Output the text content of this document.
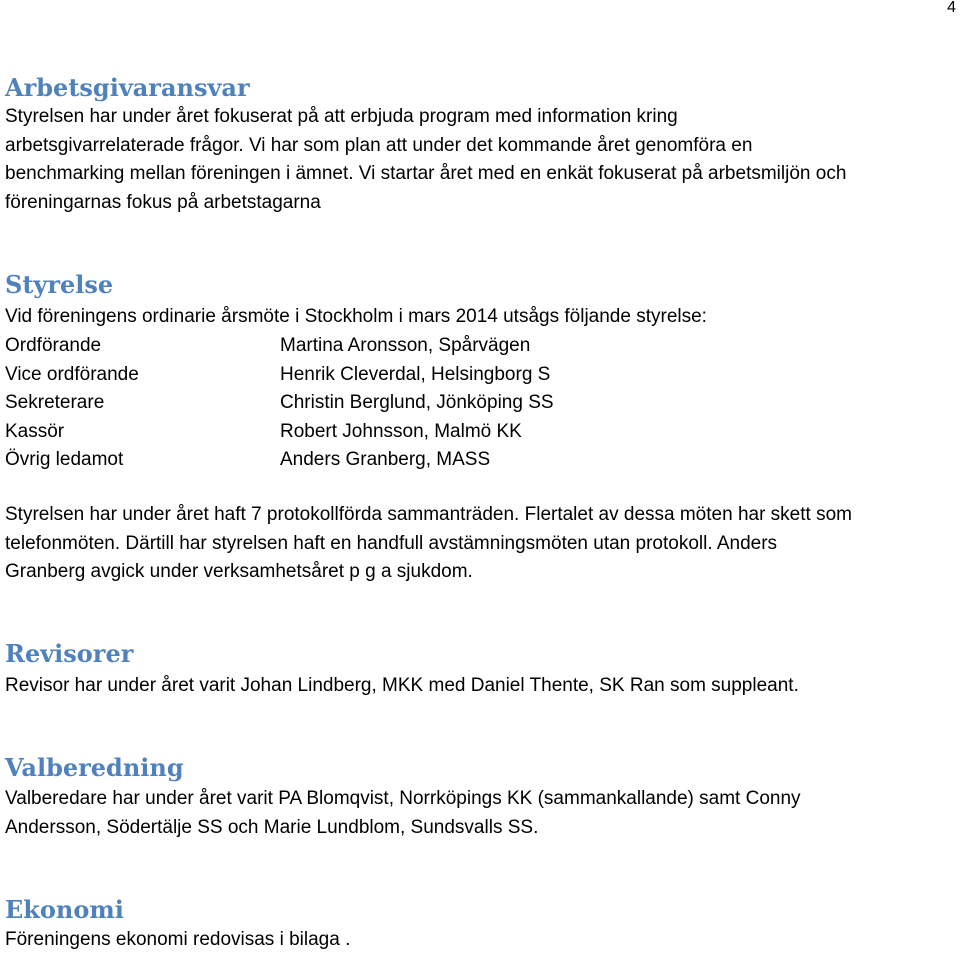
4
Arbetsgivaransvar
Styrelsen har under året fokuserat på att erbjuda program med information kring
arbetsgivarrelaterade frågor. Vi har som plan att under det kommande året genomföra en
benchmarking mellan föreningen i ämnet. Vi startar året med en enkät fokuserat på arbetsmiljön och
föreningarnas fokus på arbetstagarna
Styrelse
Vid föreningens ordinarie årsmöte i Stockholm i mars 2014 utsågs följande styrelse:
Ordförande	Martina Aronsson, Spårvägen
Vice ordförande	Henrik Cleverdal, Helsingborg S
Sekreterare	Christin Berglund, Jönköping SS
Kassör	Robert Johnsson, Malmö KK
Övrig ledamot	Anders Granberg, MASS
Styrelsen har under året haft 7 protokollförda sammanträden. Flertalet av dessa möten har skett som
telefonmöten. Därtill har styrelsen haft en handfull avstämningsmöten utan protokoll. Anders
Granberg avgick under verksamhetsåret p g a sjukdom.
Revisorer
Revisor har under året varit Johan Lindberg, MKK med Daniel Thente, SK Ran som suppleant.
Valberedning
Valberedare har under året varit PA Blomqvist, Norrköpings KK (sammankallande) samt Conny
Andersson, Södertälje SS och Marie Lundblom, Sundsvalls SS.
Ekonomi
Föreningens ekonomi redovisas i bilaga .
